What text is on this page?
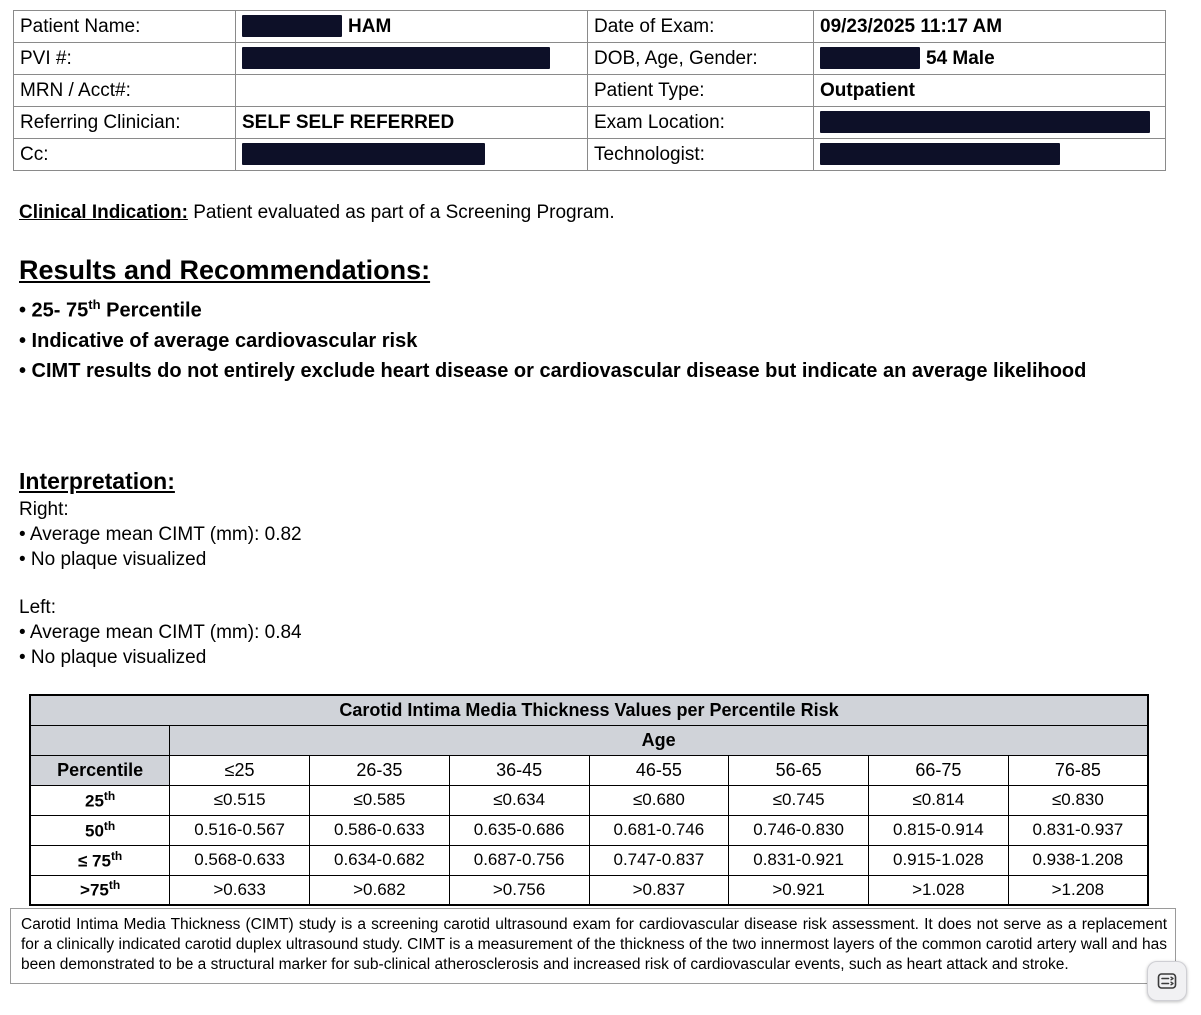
Patient Name:	HAM	Date of Exam:	09/23/2025 11:17 AM
PVI #:		DOB, Age, Gender:	54 Male
MRN / Acct#:		Patient Type:	Outpatient
Referring Clinician:	SELF SELF REFERRED	Exam Location:	
Cc:		Technologist:	
Clinical Indication: Patient evaluated as part of a Screening Program.
Results and Recommendations:
• 25- 75th Percentile
• Indicative of average cardiovascular risk
• CIMT results do not entirely exclude heart disease or cardiovascular disease but indicate an average likelihood
Interpretation:
Right:
• Average mean CIMT (mm): 0.82
• No plaque visualized
Left:
• Average mean CIMT (mm): 0.84
• No plaque visualized
Carotid Intima Media Thickness Values per Percentile Risk							
	Age						
Percentile	≤25	26-35	36-45	46-55	56-65	66-75	76-85
25th	≤0.515	≤0.585	≤0.634	≤0.680	≤0.745	≤0.814	≤0.830
50th	0.516-0.567	0.586-0.633	0.635-0.686	0.681-0.746	0.746-0.830	0.815-0.914	0.831-0.937
≤ 75th	0.568-0.633	0.634-0.682	0.687-0.756	0.747-0.837	0.831-0.921	0.915-1.028	0.938-1.208
>75th	>0.633	>0.682	>0.756	>0.837	>0.921	>1.028	>1.208
Carotid Intima Media Thickness (CIMT) study is a screening carotid ultrasound exam for cardiovascular disease risk assessment. It does not serve as a replacement for a clinically indicated carotid duplex ultrasound study. CIMT is a measurement of the thickness of the two innermost layers of the common carotid artery wall and has been demonstrated to be a structural marker for sub-clinical atherosclerosis and increased risk of cardiovascular events, such as heart attack and stroke.
